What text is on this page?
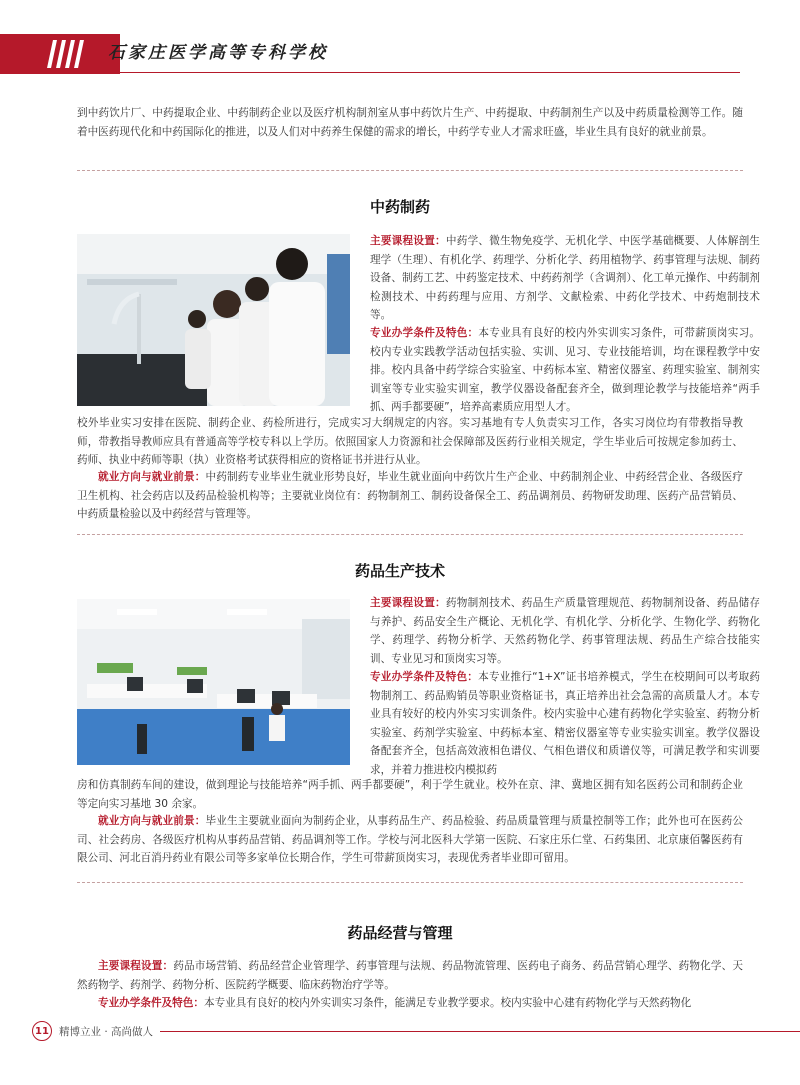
石家庄医学高等专科学校

到中药饮片厂、中药提取企业、中药制药企业以及医疗机构制剂室从事中药饮片生产、中药提取、中药制剂生产以及中药质量检测等工作。随着中医药现代化和中药国际化的推进，以及人们对中药养生保健的需求的增长，中药学专业人才需求旺盛，毕业生具有良好的就业前景。

中药制药

主要课程设置：中药学、微生物免疫学、无机化学、中医学基础概要、人体解剖生理学（生理）、有机化学、药理学、分析化学、药用植物学、药事管理与法规、制药设备、制药工艺、中药鉴定技术、中药药剂学（含调剂）、化工单元操作、中药制剂检测技术、中药药理与应用、方剂学、文献检索、中药化学技术、中药炮制技术等。

专业办学条件及特色：本专业具有良好的校内外实训实习条件，可带薪顶岗实习。校内专业实践教学活动包括实验、实训、见习、专业技能培训，均在课程教学中安排。校内具备中药学综合实验室、中药标本室、精密仪器室、药理实验室、制剂实训室等专业实验实训室，教学仪器设备配套齐全，做到理论教学与技能培养“两手抓、两手都要硬”，培养高素质应用型人才。

校外毕业实习安排在医院、制药企业、药检所进行，完成实习大纲规定的内容。实习基地有专人负责实习工作，各实习岗位均有带教指导教师，带教指导教师应具有普通高等学校专科以上学历。依照国家人力资源和社会保障部及医药行业相关规定，学生毕业后可按规定参加药士、药师、执业中药师等职（执）业资格考试获得相应的资格证书并进行从业。

就业方向与就业前景：中药制药专业毕业生就业形势良好，毕业生就业面向中药饮片生产企业、中药制剂企业、中药经营企业、各级医疗卫生机构、社会药店以及药品检验机构等；主要就业岗位有：药物制剂工、制药设备保全工、药品调剂员、药物研发助理、医药产品营销员、中药质量检验以及中药经营与管理等。

药品生产技术

主要课程设置：药物制剂技术、药品生产质量管理规范、药物制剂设备、药品储存与养护、药品安全生产概论、无机化学、有机化学、分析化学、生物化学、药物化学、药理学、药物分析学、天然药物化学、药事管理法规、药品生产综合技能实训、专业见习和顶岗实习等。

专业办学条件及特色：本专业推行“1+X”证书培养模式，学生在校期间可以考取药物制剂工、药品购销员等职业资格证书，真正培养出社会急需的高质量人才。本专业具有较好的校内外实习实训条件。校内实验中心建有药物化学实验室、药物分析实验室、药剂学实验室、中药标本室、精密仪器室等专业实验实训室。教学仪器设备配套齐全，包括高效液相色谱仪、气相色谱仪和质谱仪等，可满足教学和实训要求，并着力推进校内模拟药

房和仿真制药车间的建设，做到理论与技能培养“两手抓、两手都要硬”，利于学生就业。校外在京、津、冀地区拥有知名医药公司和制药企业等定向实习基地 30 余家。

就业方向与就业前景：毕业生主要就业面向为制药企业，从事药品生产、药品检验、药品质量管理与质量控制等工作；此外也可在医药公司、社会药房、各级医疗机构从事药品营销、药品调剂等工作。学校与河北医科大学第一医院、石家庄乐仁堂、石药集团、北京康佰馨医药有限公司、河北百消丹药业有限公司等多家单位长期合作，学生可带薪顶岗实习，表现优秀者毕业即可留用。

药品经营与管理

主要课程设置：药品市场营销、药品经营企业管理学、药事管理与法规、药品物流管理、医药电子商务、药品营销心理学、药物化学、天然药物学、药剂学、药物分析、医院药学概要、临床药物治疗学等。

专业办学条件及特色：本专业具有良好的校内外实训实习条件，能满足专业教学要求。校内实验中心建有药物化学与天然药物化

11 精博立业 · 高尚做人
